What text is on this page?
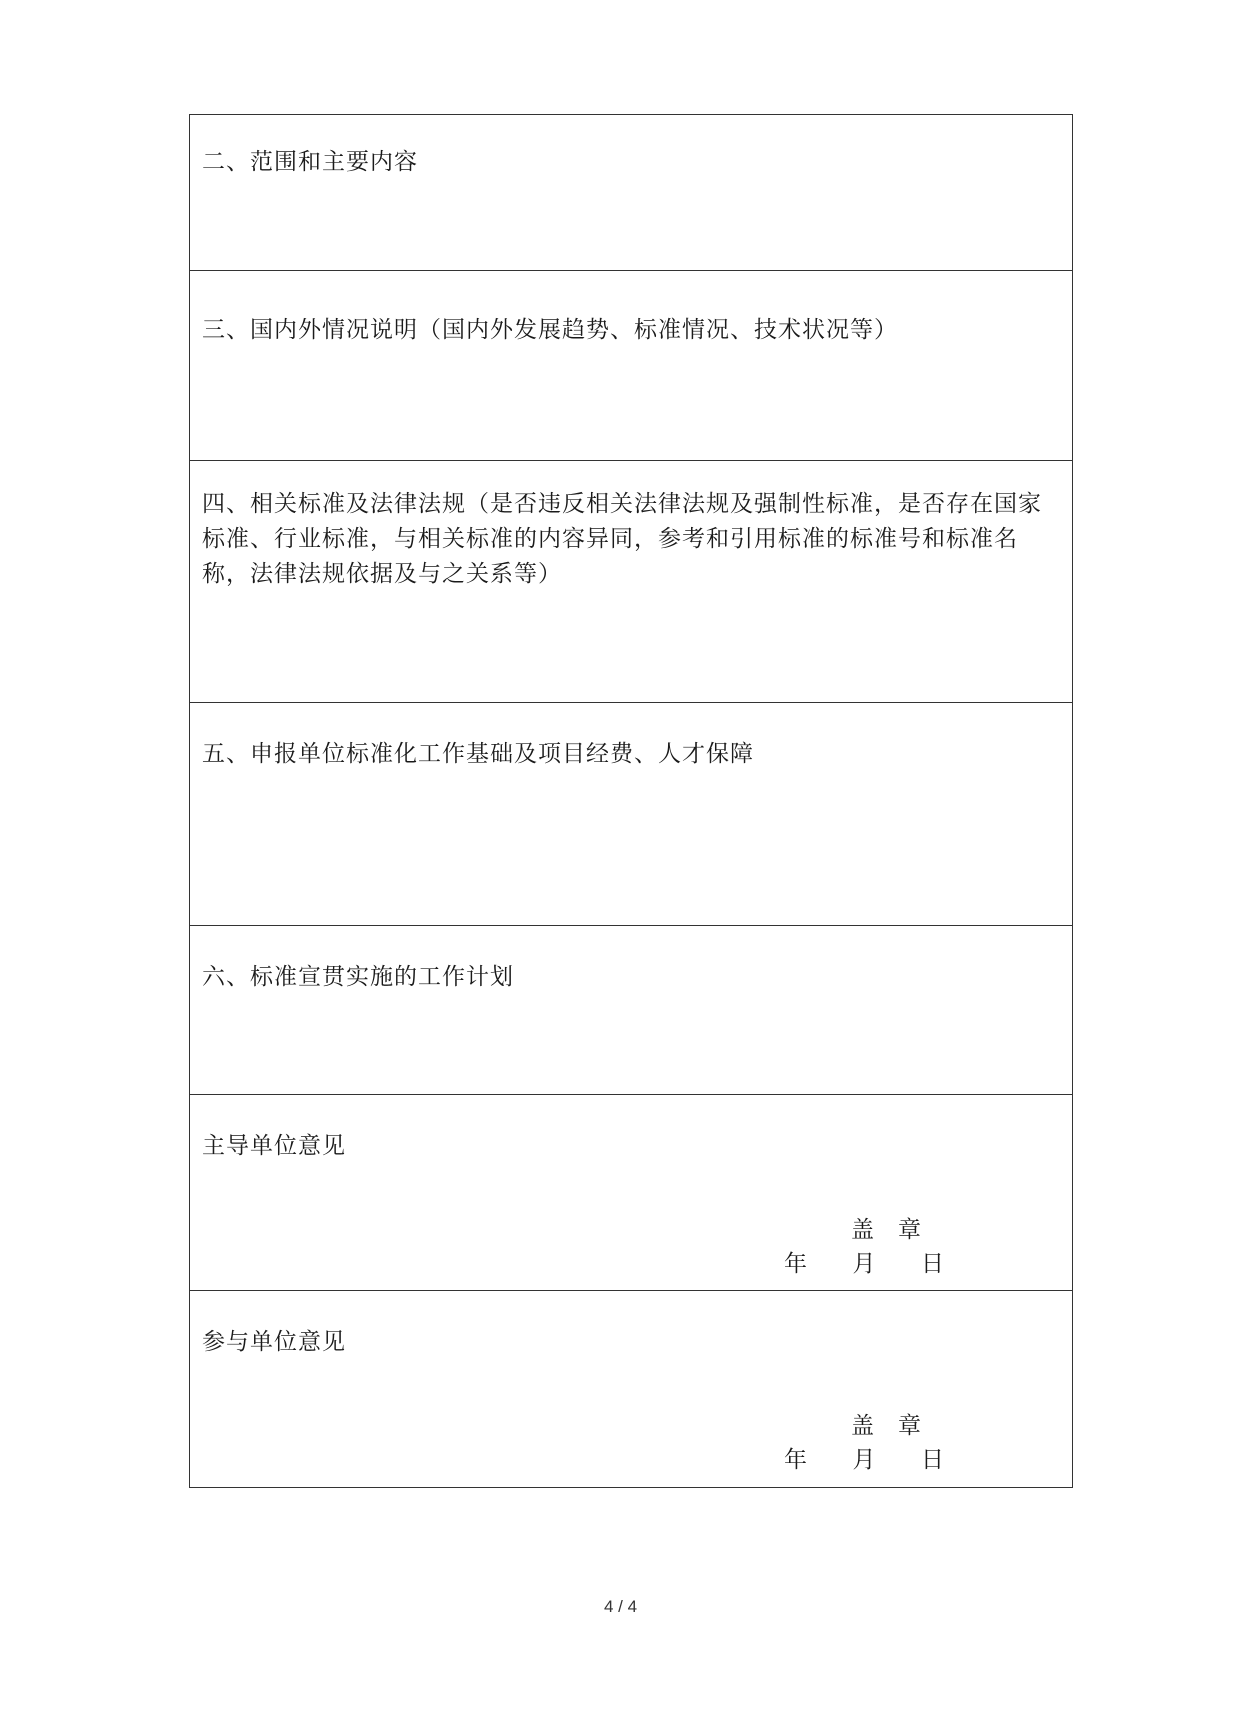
二、范围和主要内容

三、国内外情况说明（国内外发展趋势、标准情况、技术状况等）

四、相关标准及法律法规（是否违反相关法律法规及强制性标准，是否存在国家标准、行业标准，与相关标准的内容异同，参考和引用标准的标准号和标准名称，法律法规依据及与之关系等）

五、申报单位标准化工作基础及项目经费、人才保障

六、标准宣贯实施的工作计划

主导单位意见

盖 章
年 月 日

参与单位意见

盖 章
年 月 日
4 / 4
